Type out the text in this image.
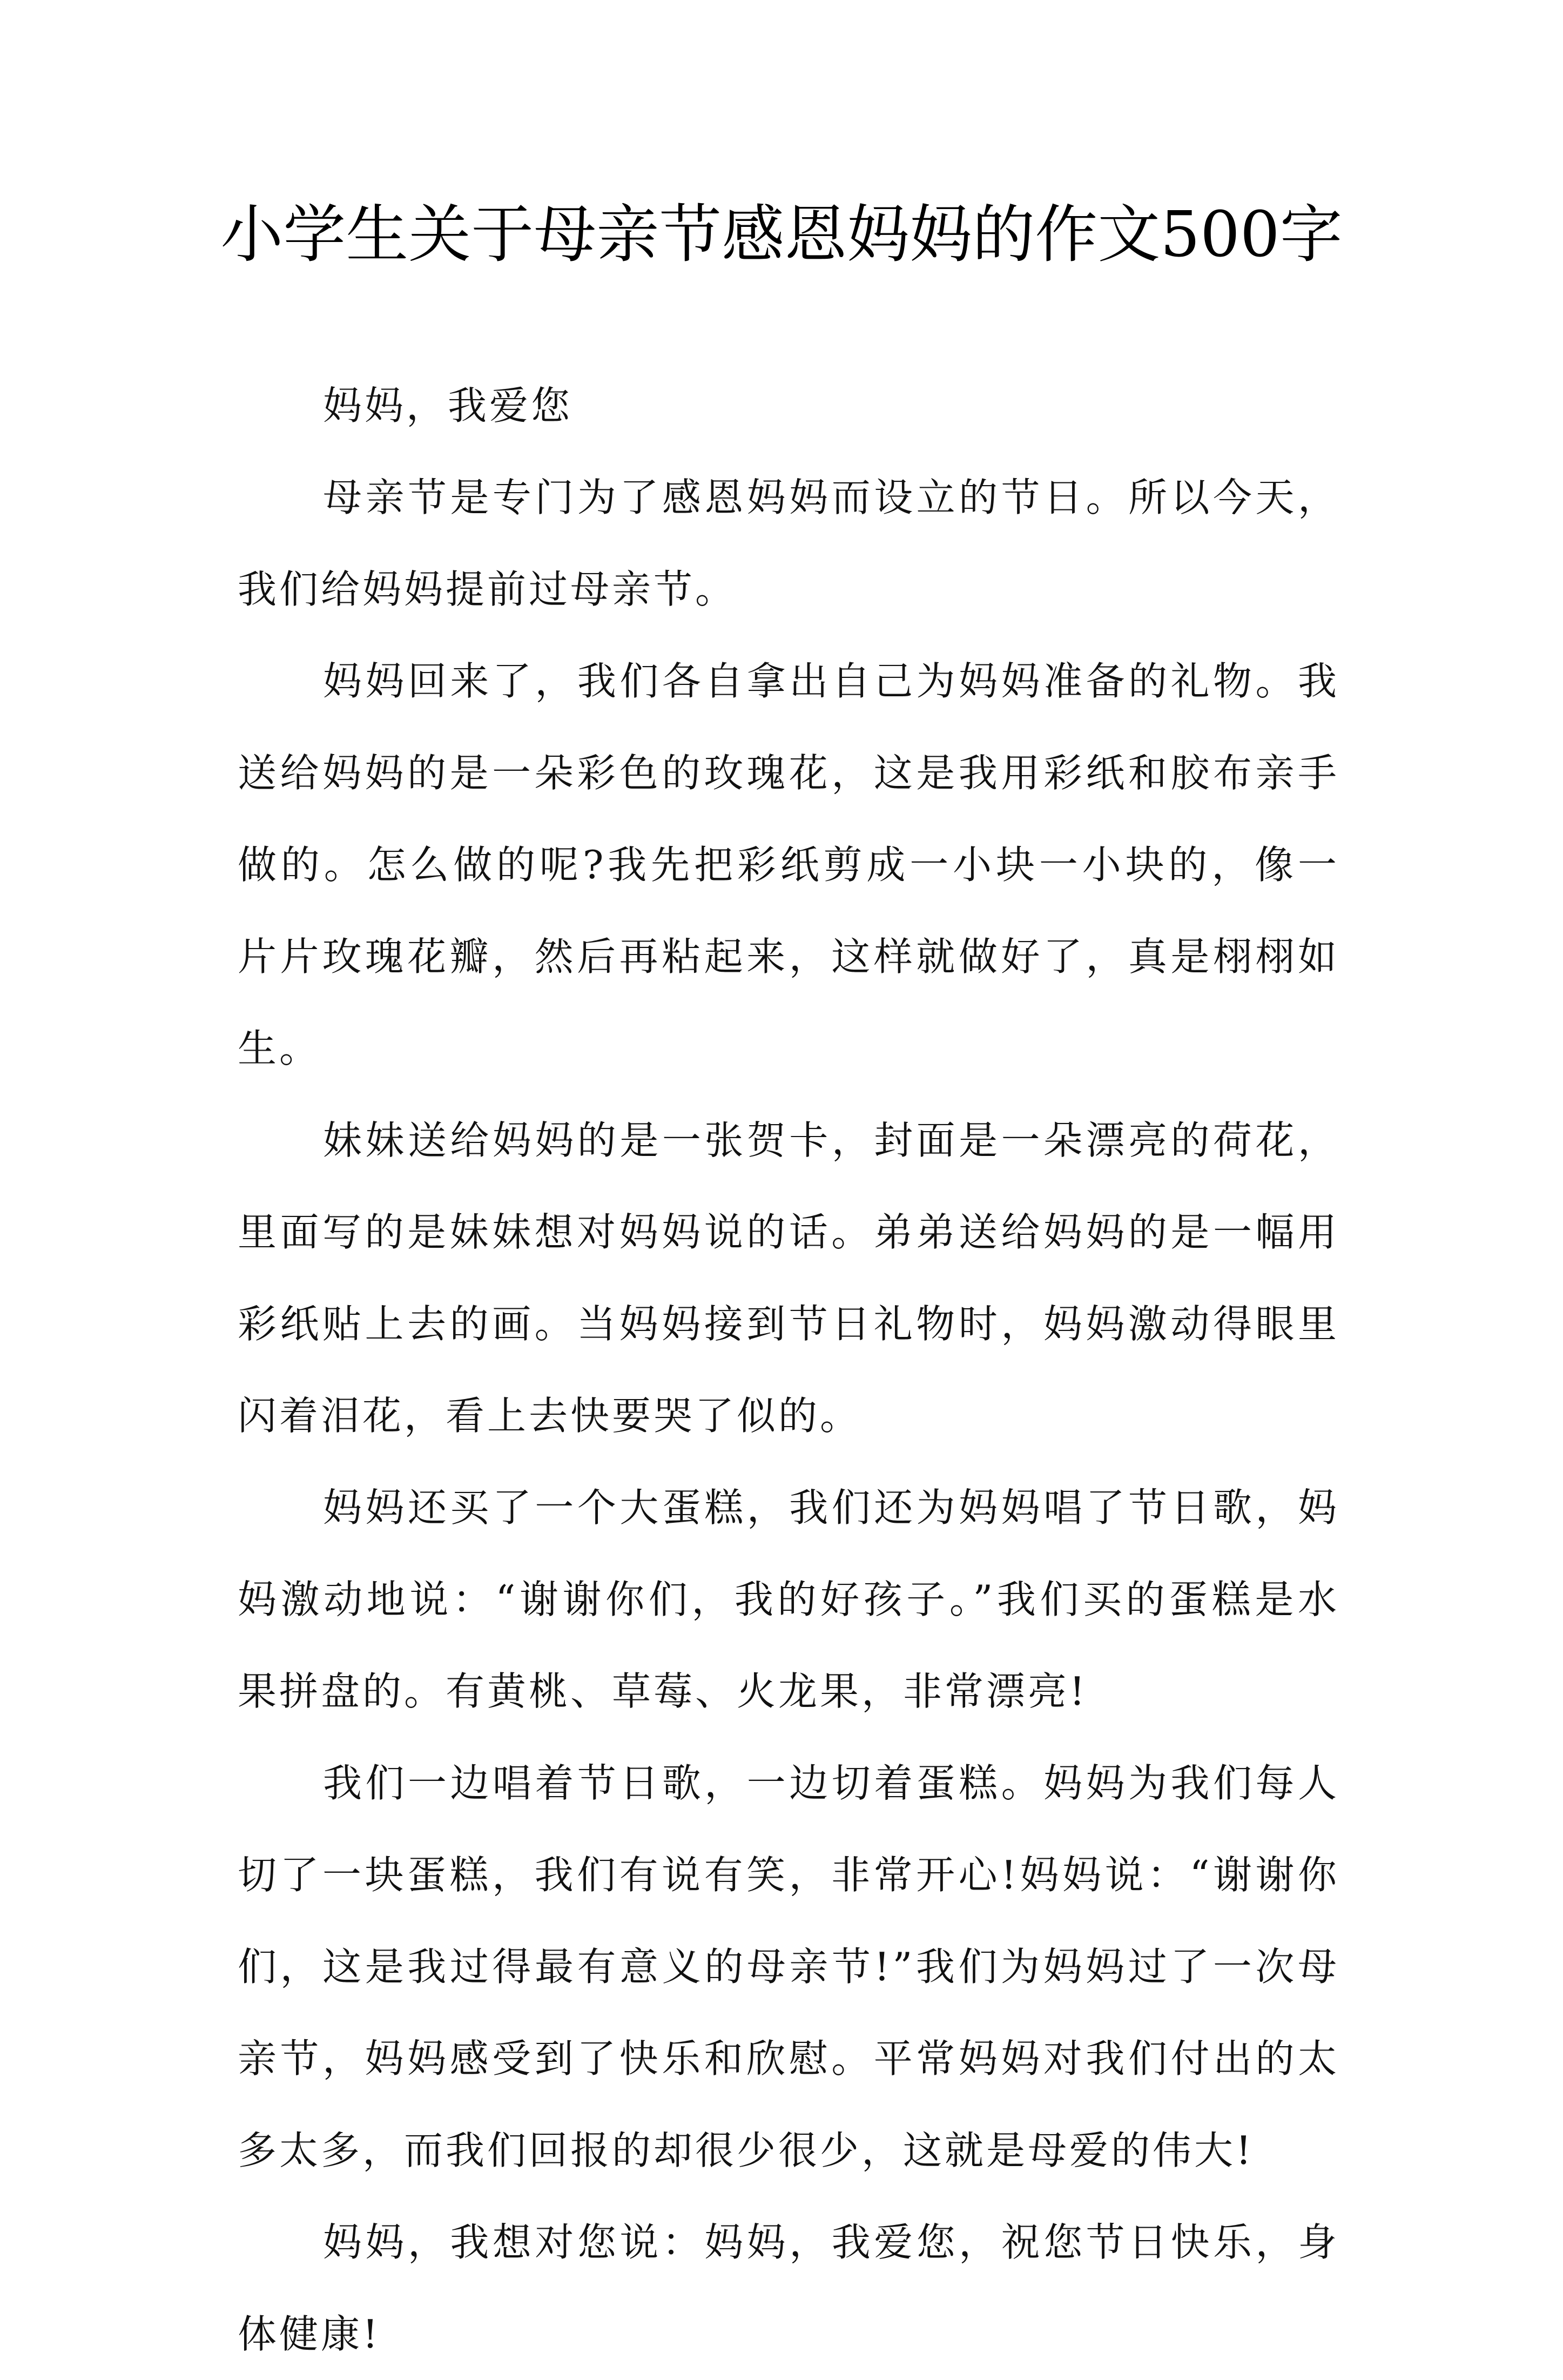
小学生关于母亲节感恩妈妈的作文500字

妈妈，我爱您

母亲节是专门为了感恩妈妈而设立的节日。所以今天，我们给妈妈提前过母亲节。

妈妈回来了，我们各自拿出自己为妈妈准备的礼物。我送给妈妈的是一朵彩色的玫瑰花，这是我用彩纸和胶布亲手做的。怎么做的呢?我先把彩纸剪成一小块一小块的，像一片片玫瑰花瓣，然后再粘起来，这样就做好了，真是栩栩如生。

妹妹送给妈妈的是一张贺卡，封面是一朵漂亮的荷花，里面写的是妹妹想对妈妈说的话。弟弟送给妈妈的是一幅用彩纸贴上去的画。当妈妈接到节日礼物时，妈妈激动得眼里闪着泪花，看上去快要哭了似的。

妈妈还买了一个大蛋糕，我们还为妈妈唱了节日歌，妈妈激动地说：“谢谢你们，我的好孩子。”我们买的蛋糕是水果拼盘的。有黄桃、草莓、火龙果，非常漂亮!

我们一边唱着节日歌，一边切着蛋糕。妈妈为我们每人切了一块蛋糕，我们有说有笑，非常开心!妈妈说：“谢谢你们，这是我过得最有意义的母亲节!”我们为妈妈过了一次母亲节，妈妈感受到了快乐和欣慰。平常妈妈对我们付出的太多太多，而我们回报的却很少很少，这就是母爱的伟大!

妈妈，我想对您说：妈妈，我爱您，祝您节日快乐，身体健康!
